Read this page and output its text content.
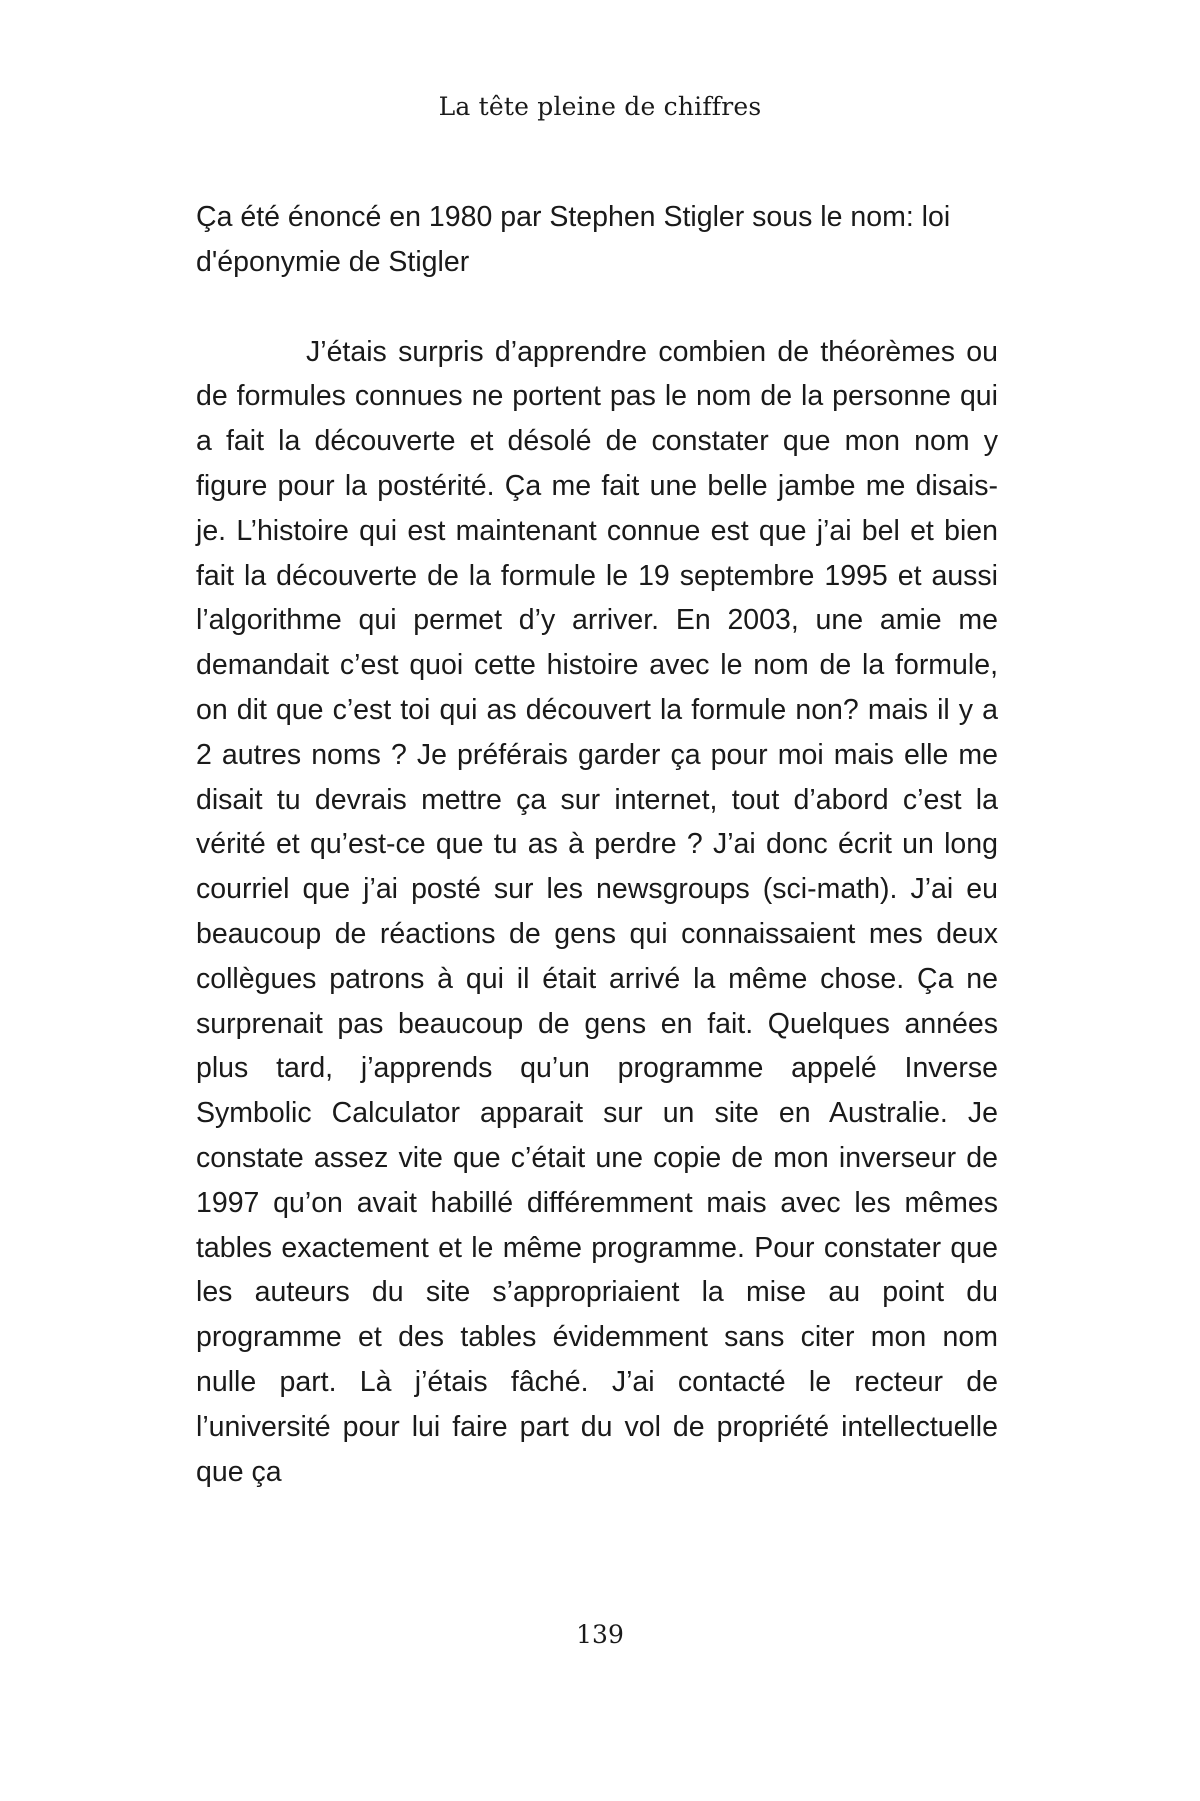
La tête pleine de chiffres

Ça été énoncé en 1980 par Stephen Stigler sous le nom: loi d'éponymie de Stigler

J’étais surpris d’apprendre combien de théorèmes ou de formules connues ne portent pas le nom de la personne qui a fait la découverte et désolé de constater que mon nom y figure pour la postérité. Ça me fait une belle jambe me disais-je. L’histoire qui est maintenant connue est que j’ai bel et bien fait la découverte de la formule le 19 septembre 1995 et aussi l’algorithme qui permet d’y arriver. En 2003, une amie me demandait c’est quoi cette histoire avec le nom de la formule, on dit que c’est toi qui as découvert la formule non? mais il y a 2 autres noms ? Je préférais garder ça pour moi mais elle me disait tu devrais mettre ça sur internet, tout d’abord c’est la vérité et qu’est-ce que tu as à perdre ? J’ai donc écrit un long courriel que j’ai posté sur les newsgroups (sci-math). J’ai eu beaucoup de réactions de gens qui connaissaient mes deux collègues patrons à qui il était arrivé la même chose. Ça ne surprenait pas beaucoup de gens en fait. Quelques années plus tard, j’apprends qu’un programme appelé Inverse Symbolic Calculator apparait sur un site en Australie. Je constate assez vite que c’était une copie de mon inverseur de 1997 qu’on avait habillé différemment mais avec les mêmes tables exactement et le même programme. Pour constater que les auteurs du site s’appropriaient la mise au point du programme et des tables évidemment sans citer mon nom nulle part. Là j’étais fâché. J’ai contacté le recteur de l’université pour lui faire part du vol de propriété intellectuelle que ça

139
